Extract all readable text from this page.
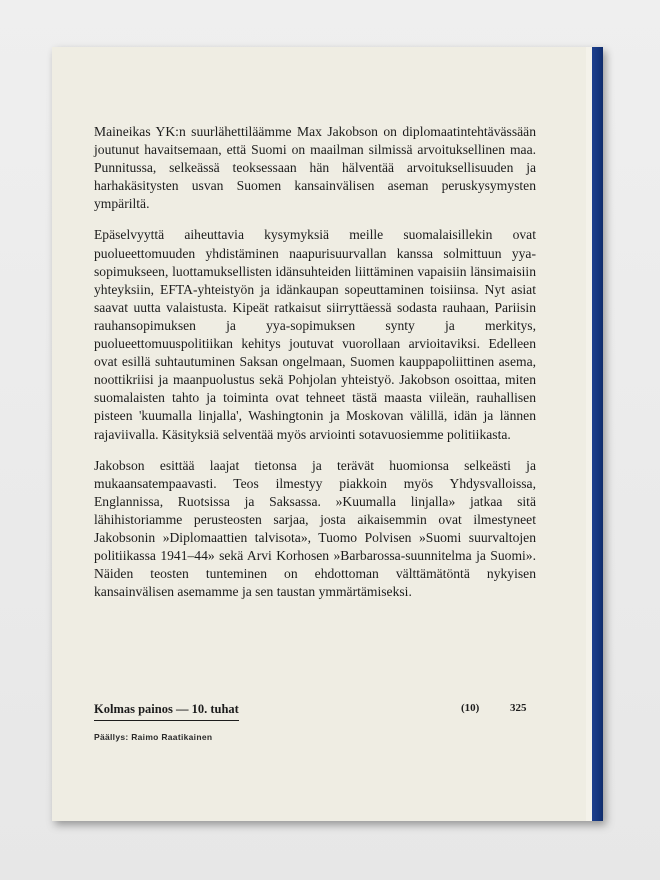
Maineikas YK:n suurlähettiläämme Max Jakobson on diplomaatintehtävässään joutunut havaitsemaan, että Suomi on maailman silmissä arvoituksellinen maa. Punnitussa, selkeässä teoksessaan hän hälventää arvoituksellisuuden ja harhakäsitysten usvan Suomen kansainvälisen aseman peruskysymysten ympäriltä.

Epäselvyyttä aiheuttavia kysymyksiä meille suomalaisillekin ovat puolueettomuuden yhdistäminen naapurisuurvallan kanssa solmittuun yya-sopimukseen, luottamuksellisten idänsuhteiden liittäminen vapaisiin länsimaisiin yhteyksiin, EFTA-yhteistyön ja idänkaupan sopeuttaminen toisiinsa. Nyt asiat saavat uutta valaistusta. Kipeät ratkaisut siirryttäessä sodasta rauhaan, Pariisin rauhansopimuksen ja yya-sopimuksen synty ja merkitys, puolueettomuuspolitiikan kehitys joutuvat vuorollaan arvioitaviksi. Edelleen ovat esillä suhtautuminen Saksan ongelmaan, Suomen kauppapoliittinen asema, noottikriisi ja maanpuolustus sekä Pohjolan yhteistyö. Jakobson osoittaa, miten suomalaisten tahto ja toiminta ovat tehneet tästä maasta viileän, rauhallisen pisteen 'kuumalla linjalla', Washingtonin ja Moskovan välillä, idän ja lännen rajaviivalla. Käsityksiä selventää myös arviointi sotavuosiemme politiikasta.

Jakobson esittää laajat tietonsa ja terävät huomionsa selkeästi ja mukaansatempaavasti. Teos ilmestyy piakkoin myös Yhdysvalloissa, Englannissa, Ruotsissa ja Saksassa. »Kuumalla linjalla» jatkaa sitä lähihistoriamme perusteosten sarjaa, josta aikaisemmin ovat ilmestyneet Jakobsonin »Diplomaattien talvisota», Tuomo Polvisen »Suomi suurvaltojen politiikassa 1941–44» sekä Arvi Korhosen »Barbarossa-suunnitelma ja Suomi». Näiden teosten tunteminen on ehdottoman välttämätöntä nykyisen kansainvälisen asemamme ja sen taustan ymmärtämiseksi.

Kolmas painos — 10. tuhat	(10)	325
Päällys: Raimo Raatikainen
